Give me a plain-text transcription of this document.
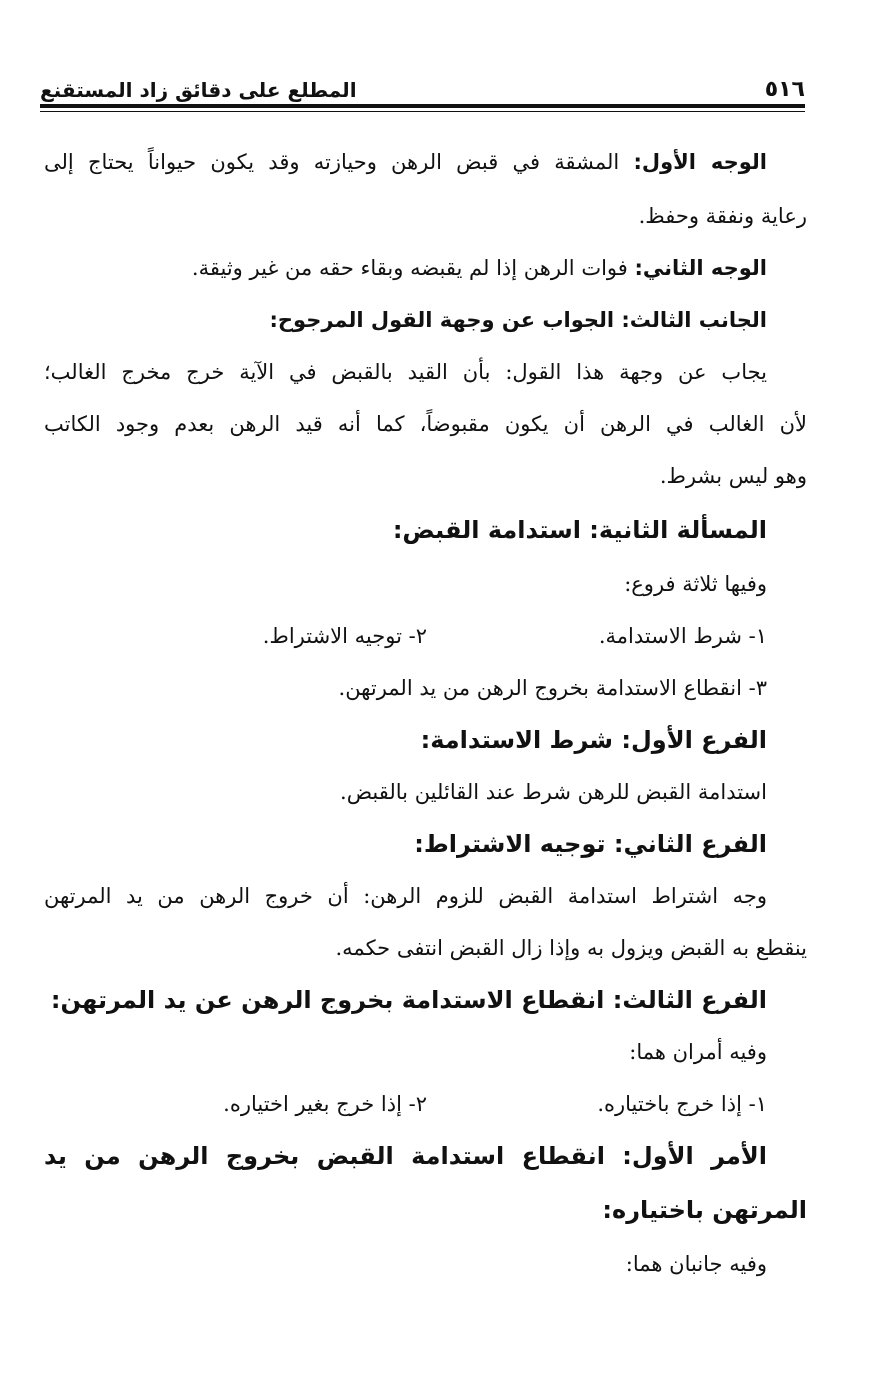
٥١٦
المطلع على دقائق زاد المستقنع
الوجه الأول: المشقة في قبض الرهن وحيازته وقد يكون حيواناً يحتاج إلى
رعاية ونفقة وحفظ.
الوجه الثاني: فوات الرهن إذا لم يقبضه وبقاء حقه من غير وثيقة.
الجانب الثالث: الجواب عن وجهة القول المرجوح:
يجاب عن وجهة هذا القول: بأن القيد بالقبض في الآية خرج مخرج الغالب؛
لأن الغالب في الرهن أن يكون مقبوضاً، كما أنه قيد الرهن بعدم وجود الكاتب
وهو ليس بشرط.
المسألة الثانية: استدامة القبض:
وفيها ثلاثة فروع:
١- شرط الاستدامة.٢- توجيه الاشتراط.
٣- انقطاع الاستدامة بخروج الرهن من يد المرتهن.
الفرع الأول: شرط الاستدامة:
استدامة القبض للرهن شرط عند القائلين بالقبض.
الفرع الثاني: توجيه الاشتراط:
وجه اشتراط استدامة القبض للزوم الرهن: أن خروج الرهن من يد المرتهن
ينقطع به القبض ويزول به وإذا زال القبض انتفى حكمه.
الفرع الثالث: انقطاع الاستدامة بخروج الرهن عن يد المرتهن:
وفيه أمران هما:
١- إذا خرج باختياره.٢- إذا خرج بغير اختياره.
الأمر الأول: انقطاع استدامة القبض بخروج الرهن من يد
المرتهن باختياره:
وفيه جانبان هما:
